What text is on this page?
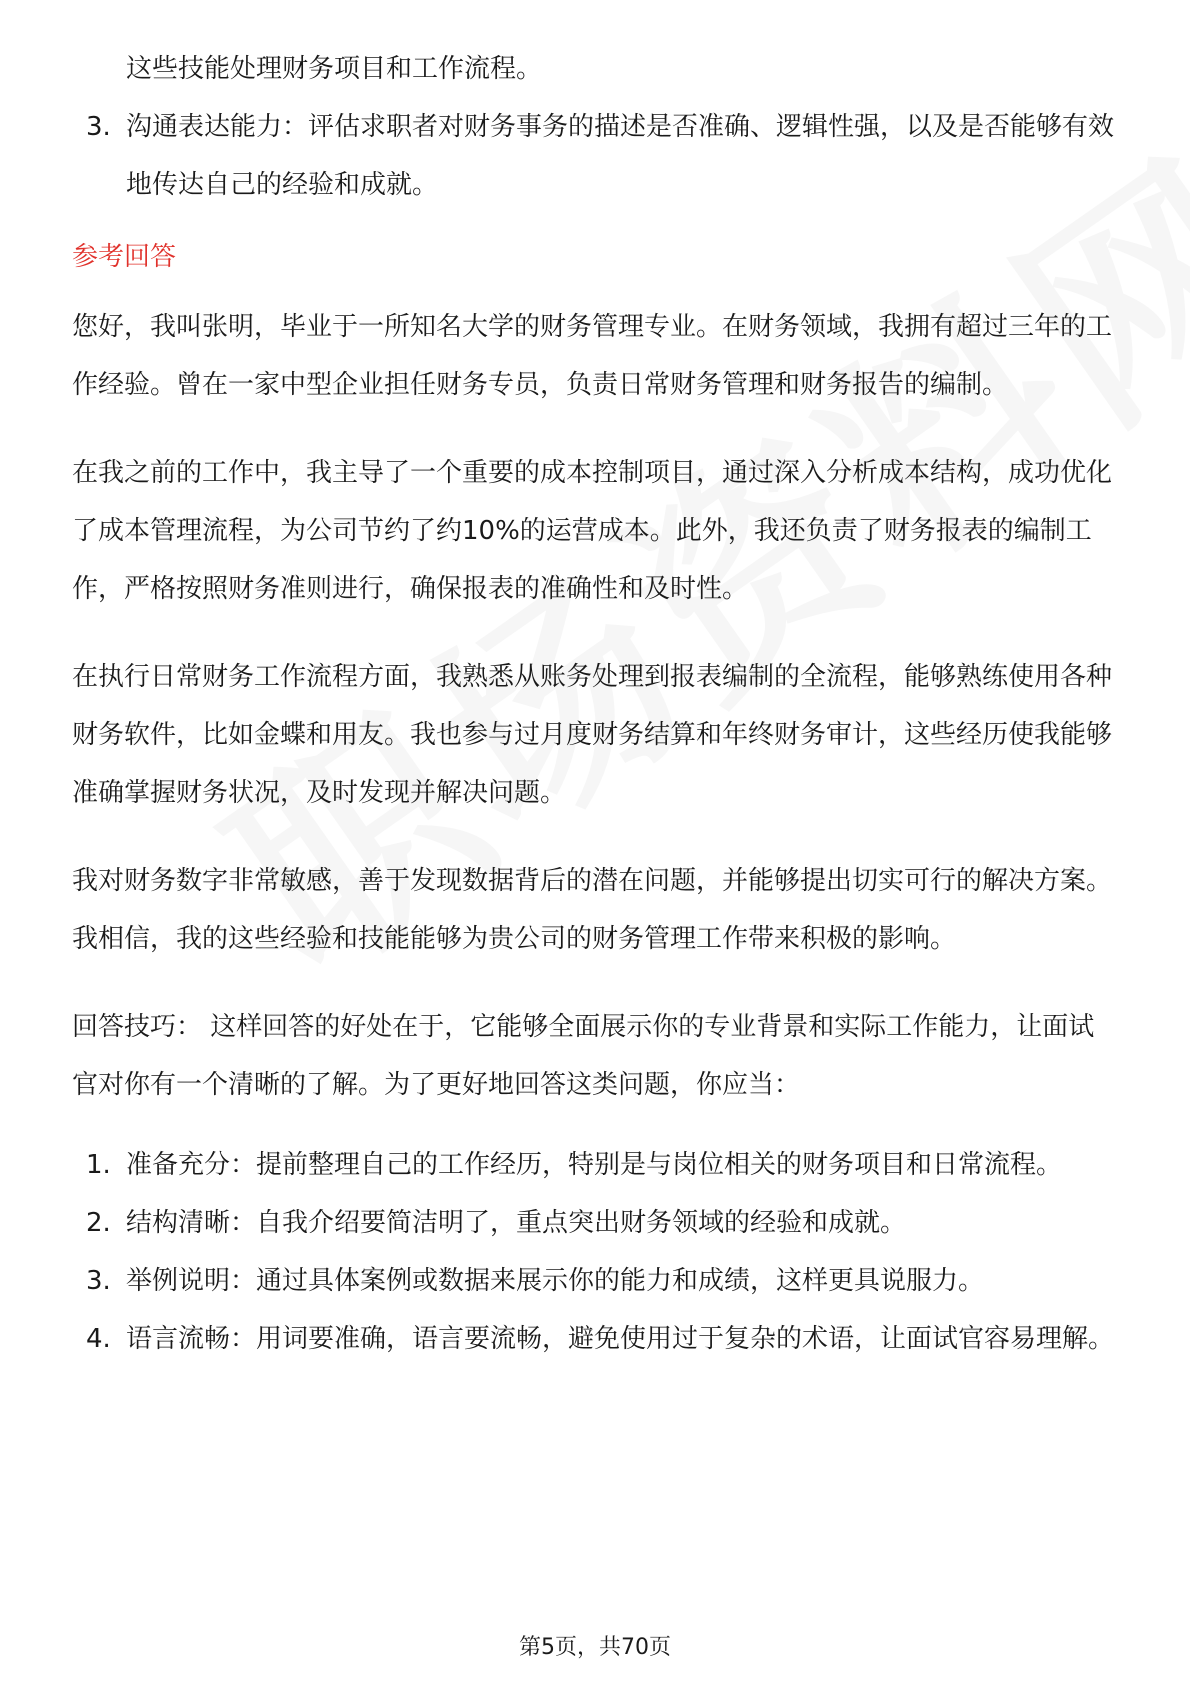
这些技能处理财务项目和工作流程。

3. 沟通表达能力：评估求职者对财务事务的描述是否准确、逻辑性强，以及是否能够有效地传达自己的经验和成就。
参考回答

您好，我叫张明，毕业于一所知名大学的财务管理专业。在财务领域，我拥有超过三年的工作经验。曾在一家中型企业担任财务专员，负责日常财务管理和财务报告的编制。

在我之前的工作中，我主导了一个重要的成本控制项目，通过深入分析成本结构，成功优化了成本管理流程，为公司节约了约10%的运营成本。此外，我还负责了财务报表的编制工作，严格按照财务准则进行，确保报表的准确性和及时性。

在执行日常财务工作流程方面，我熟悉从账务处理到报表编制的全流程，能够熟练使用各种财务软件，比如金蝶和用友。我也参与过月度财务结算和年终财务审计，这些经历使我能够准确掌握财务状况，及时发现并解决问题。

我对财务数字非常敏感，善于发现数据背后的潜在问题，并能够提出切实可行的解决方案。我相信，我的这些经验和技能能够为贵公司的财务管理工作带来积极的影响。

回答技巧： 这样回答的好处在于，它能够全面展示你的专业背景和实际工作能力，让面试官对你有一个清晰的了解。为了更好地回答这类问题，你应当：

1. 准备充分：提前整理自己的工作经历，特别是与岗位相关的财务项目和日常流程。
2. 结构清晰：自我介绍要简洁明了，重点突出财务领域的经验和成就。
3. 举例说明：通过具体案例或数据来展示你的能力和成绩，这样更具说服力。
4. 语言流畅：用词要准确，语言要流畅，避免使用过于复杂的术语，让面试官容易理解。
第5页，共70页
